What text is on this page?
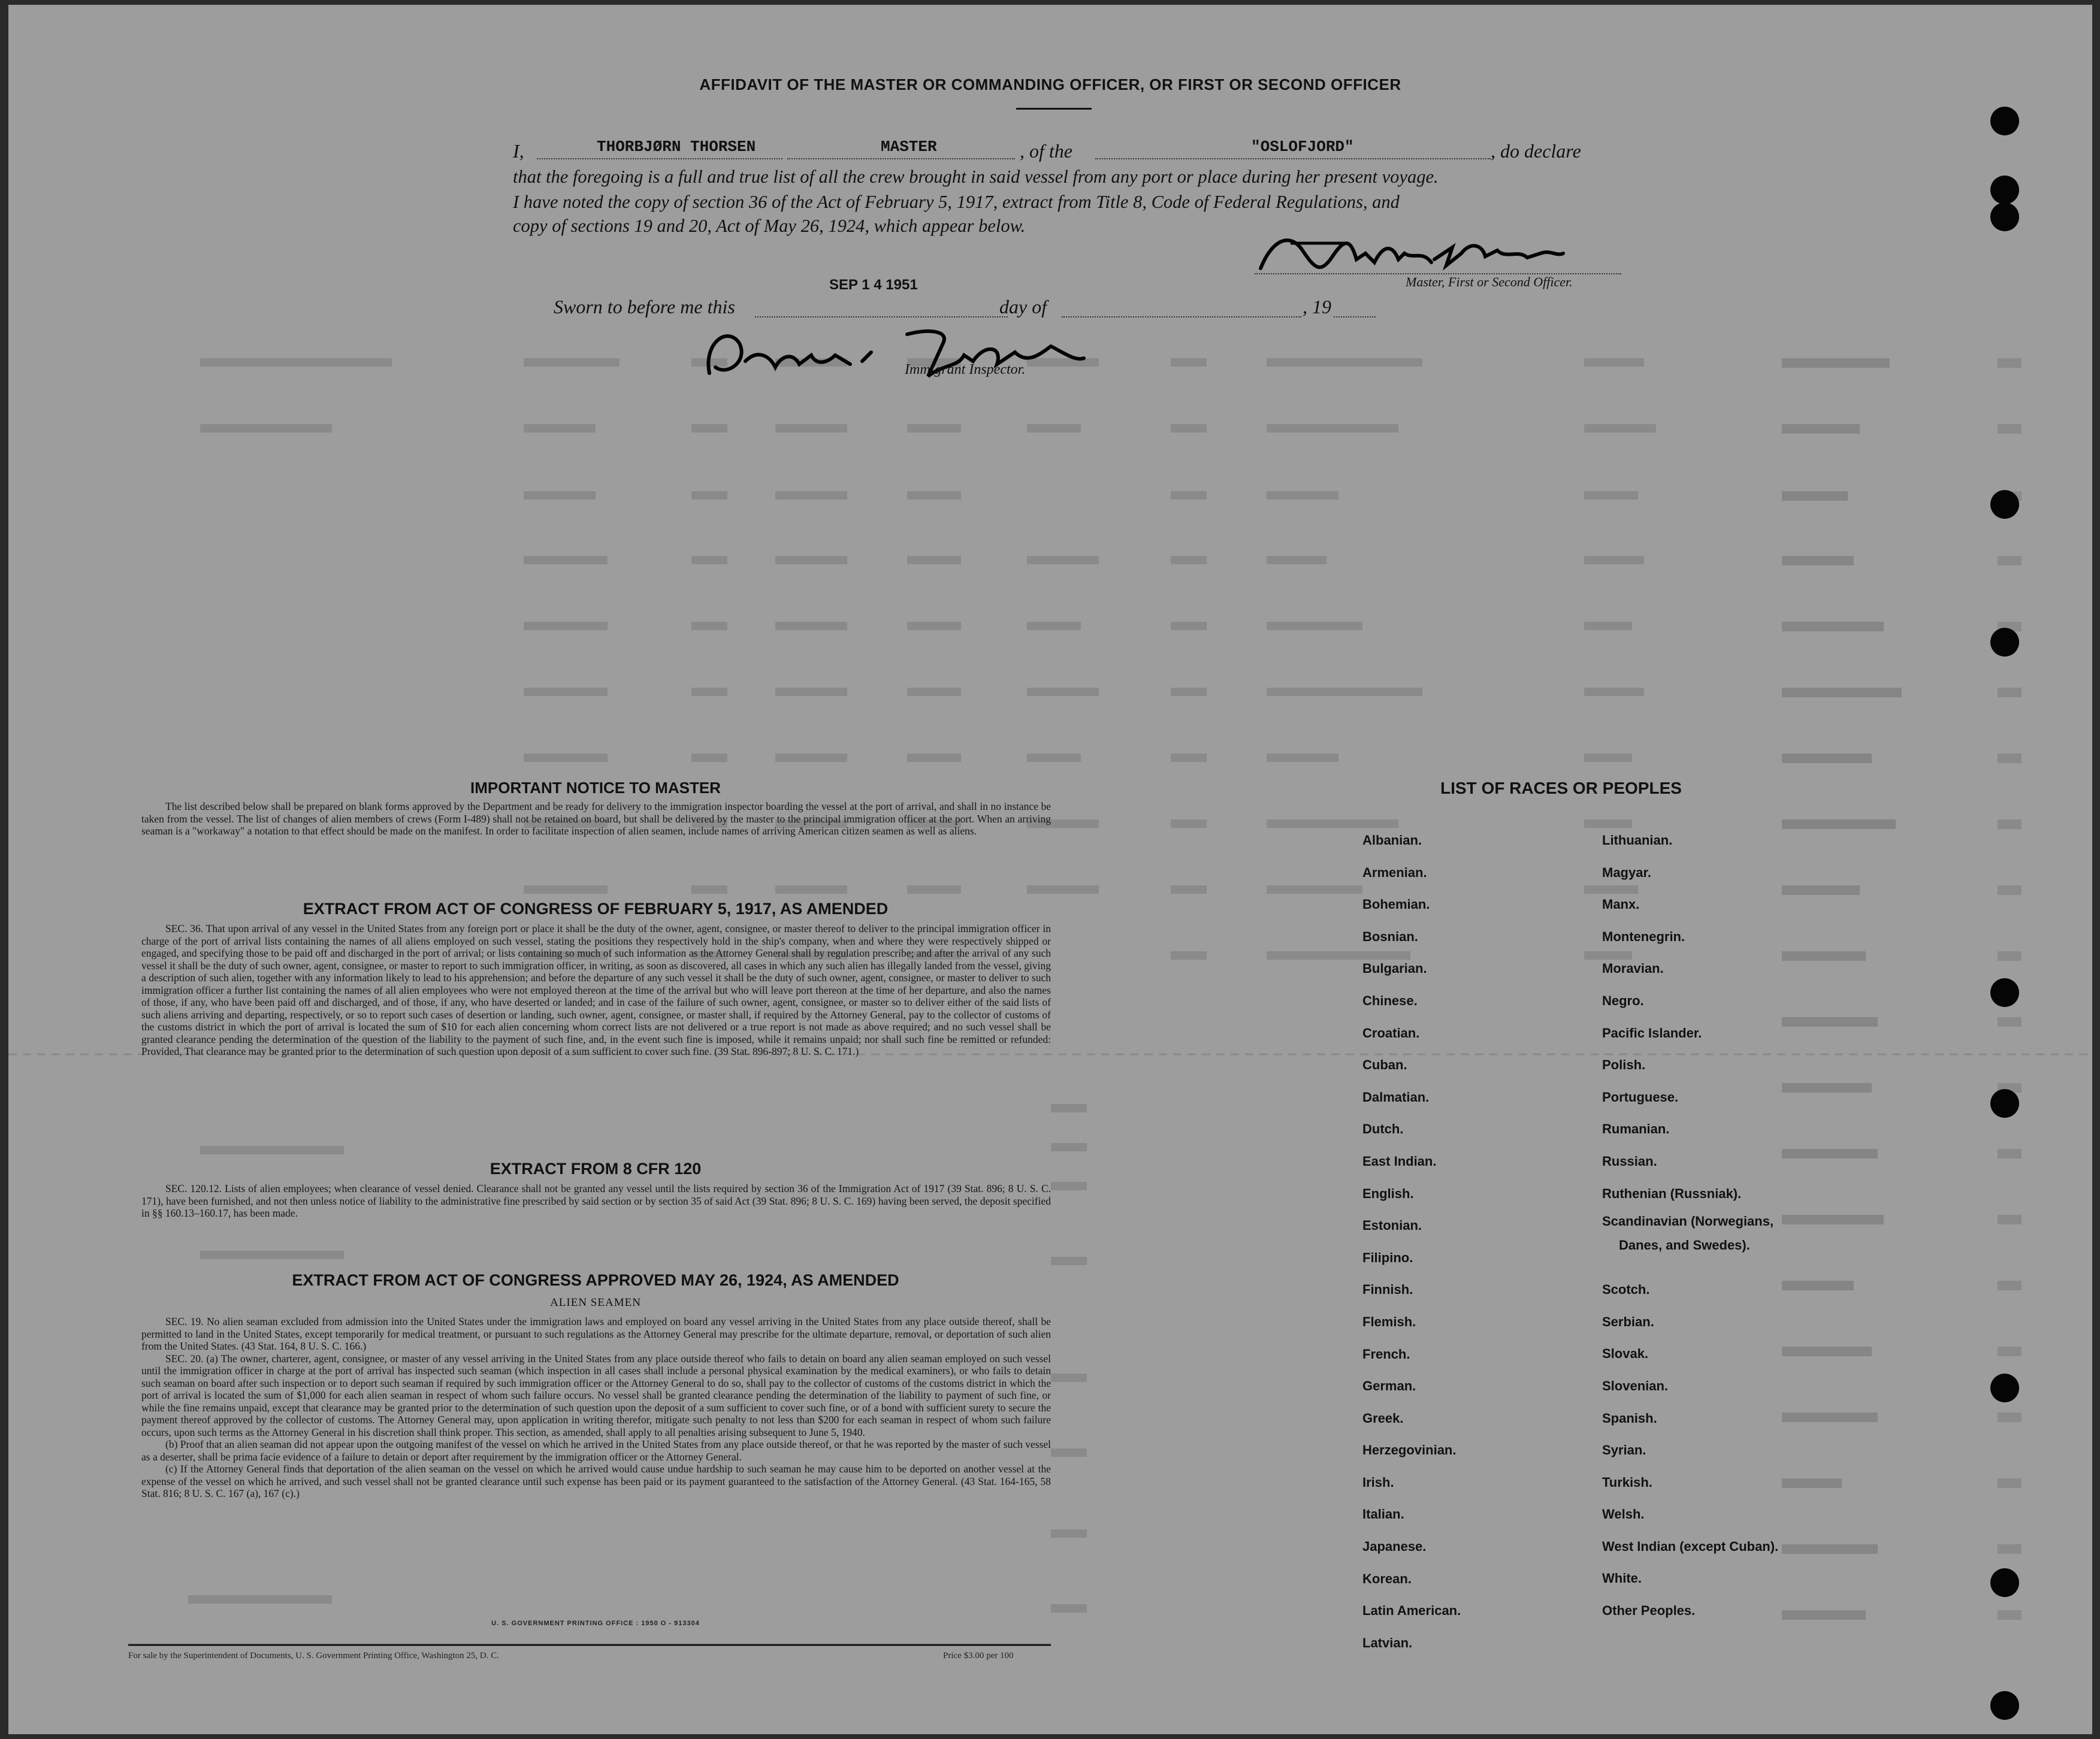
AFFIDAVIT OF THE MASTER OR COMMANDING OFFICER, OR FIRST OR SECOND OFFICER
I,	THORBJØRN THORSEN	MASTER	, of the	"OSLOFJORD"	, do declare
that the foregoing is a full and true list of all the crew brought in said vessel from any port or place during her present voyage.
I have noted the copy of section 36 of the Act of February 5, 1917, extract from Title 8, Code of Federal Regulations, and
copy of sections 19 and 20, Act of May 26, 1924, which appear below.
Master, First or Second Officer.
Sworn to before me this
SEP 1 4 1951
day of	, 19
Immigrant Inspector.
IMPORTANT NOTICE TO MASTER

The list described below shall be prepared on blank forms approved by the Department and be ready for delivery to the immigration inspector boarding the vessel at the port of arrival, and shall in no instance be taken from the vessel. The list of changes of alien members of crews (Form I-489) shall not be retained on board, but shall be delivered by the master to the principal immigration officer at the port. When an arriving seaman is a "workaway" a notation to that effect should be made on the manifest. In order to facilitate inspection of alien seamen, include names of arriving American citizen seamen as well as aliens.

EXTRACT FROM ACT OF CONGRESS OF FEBRUARY 5, 1917, AS AMENDED

SEC. 36. That upon arrival of any vessel in the United States from any foreign port or place it shall be the duty of the owner, agent, consignee, or master thereof to deliver to the principal immigration officer in charge of the port of arrival lists containing the names of all aliens employed on such vessel, stating the positions they respectively hold in the ship's company, when and where they were respectively shipped or engaged, and specifying those to be paid off and discharged in the port of arrival; or lists containing so much of such information as the Attorney General shall by regulation prescribe; and after the arrival of any such vessel it shall be the duty of such owner, agent, consignee, or master to report to such immigration officer, in writing, as soon as discovered, all cases in which any such alien has illegally landed from the vessel, giving a description of such alien, together with any information likely to lead to his apprehension; and before the departure of any such vessel it shall be the duty of such owner, agent, consignee, or master to deliver to such immigration officer a further list containing the names of all alien employees who were not employed thereon at the time of the arrival but who will leave port thereon at the time of her departure, and also the names of those, if any, who have been paid off and discharged, and of those, if any, who have deserted or landed; and in case of the failure of such owner, agent, consignee, or master so to deliver either of the said lists of such aliens arriving and departing, respectively, or so to report such cases of desertion or landing, such owner, agent, consignee, or master shall, if required by the Attorney General, pay to the collector of customs of the customs district in which the port of arrival is located the sum of $10 for each alien concerning whom correct lists are not delivered or a true report is not made as above required; and no such vessel shall be granted clearance pending the determination of the question of the liability to the payment of such fine, and, in the event such fine is imposed, while it remains unpaid; nor shall such fine be remitted or refunded: Provided, That clearance may be granted prior to the determination of such question upon deposit of a sum sufficient to cover such fine. (39 Stat. 896-897; 8 U. S. C. 171.)

EXTRACT FROM 8 CFR 120

SEC. 120.12. Lists of alien employees; when clearance of vessel denied. Clearance shall not be granted any vessel until the lists required by section 36 of the Immigration Act of 1917 (39 Stat. 896; 8 U. S. C. 171), have been furnished, and not then unless notice of liability to the administrative fine prescribed by said section or by section 35 of said Act (39 Stat. 896; 8 U. S. C. 169) having been served, the deposit specified in §§ 160.13–160.17, has been made.

EXTRACT FROM ACT OF CONGRESS APPROVED MAY 26, 1924, AS AMENDED
ALIEN SEAMEN

SEC. 19. No alien seaman excluded from admission into the United States under the immigration laws and employed on board any vessel arriving in the United States from any place outside thereof, shall be permitted to land in the United States, except temporarily for medical treatment, or pursuant to such regulations as the Attorney General may prescribe for the ultimate departure, removal, or deportation of such alien from the United States. (43 Stat. 164, 8 U. S. C. 166.)

SEC. 20. (a) The owner, charterer, agent, consignee, or master of any vessel arriving in the United States from any place outside thereof who fails to detain on board any alien seaman employed on such vessel until the immigration officer in charge at the port of arrival has inspected such seaman (which inspection in all cases shall include a personal physical examination by the medical examiners), or who fails to detain such seaman on board after such inspection or to deport such seaman if required by such immigration officer or the Attorney General to do so, shall pay to the collector of customs of the customs district in which the port of arrival is located the sum of $1,000 for each alien seaman in respect of whom such failure occurs. No vessel shall be granted clearance pending the determination of the liability to payment of such fine, or while the fine remains unpaid, except that clearance may be granted prior to the determination of such question upon the deposit of a sum sufficient to cover such fine, or of a bond with sufficient surety to secure the payment thereof approved by the collector of customs. The Attorney General may, upon application in writing therefor, mitigate such penalty to not less than $200 for each seaman in respect of whom such failure occurs, upon such terms as the Attorney General in his discretion shall think proper. This section, as amended, shall apply to all penalties arising subsequent to June 5, 1940.

(b) Proof that an alien seaman did not appear upon the outgoing manifest of the vessel on which he arrived in the United States from any place outside thereof, or that he was reported by the master of such vessel as a deserter, shall be prima facie evidence of a failure to detain or deport after requirement by the immigration officer or the Attorney General.

(c) If the Attorney General finds that deportation of the alien seaman on the vessel on which he arrived would cause undue hardship to such seaman he may cause him to be deported on another vessel at the expense of the vessel on which he arrived, and such vessel shall not be granted clearance until such expense has been paid or its payment guaranteed to the satisfaction of the Attorney General. (43 Stat. 164-165, 58 Stat. 816; 8 U. S. C. 167 (a), 167 (c).)

U. S. GOVERNMENT PRINTING OFFICE : 1950 O - 913304
For sale by the Superintendent of Documents, U. S. Government Printing Office, Washington 25, D. C.	Price $3.00 per 100
LIST OF RACES OR PEOPLES
Albanian.
Armenian.
Bohemian.
Bosnian.
Bulgarian.
Chinese.
Croatian.
Cuban.
Dalmatian.
Dutch.
East Indian.
English.
Estonian.
Filipino.
Finnish.
Flemish.
French.
German.
Greek.
Herzegovinian.
Irish.
Italian.
Japanese.
Korean.
Latin American.
Latvian.
Lithuanian.
Magyar.
Manx.
Montenegrin.
Moravian.
Negro.
Pacific Islander.
Polish.
Portuguese.
Rumanian.
Russian.
Ruthenian (Russniak).
Scandinavian (Norwegians,
Danes, and Swedes).
Scotch.
Serbian.
Slovak.
Slovenian.
Spanish.
Syrian.
Turkish.
Welsh.
West Indian (except Cuban).
White.
Other Peoples.
